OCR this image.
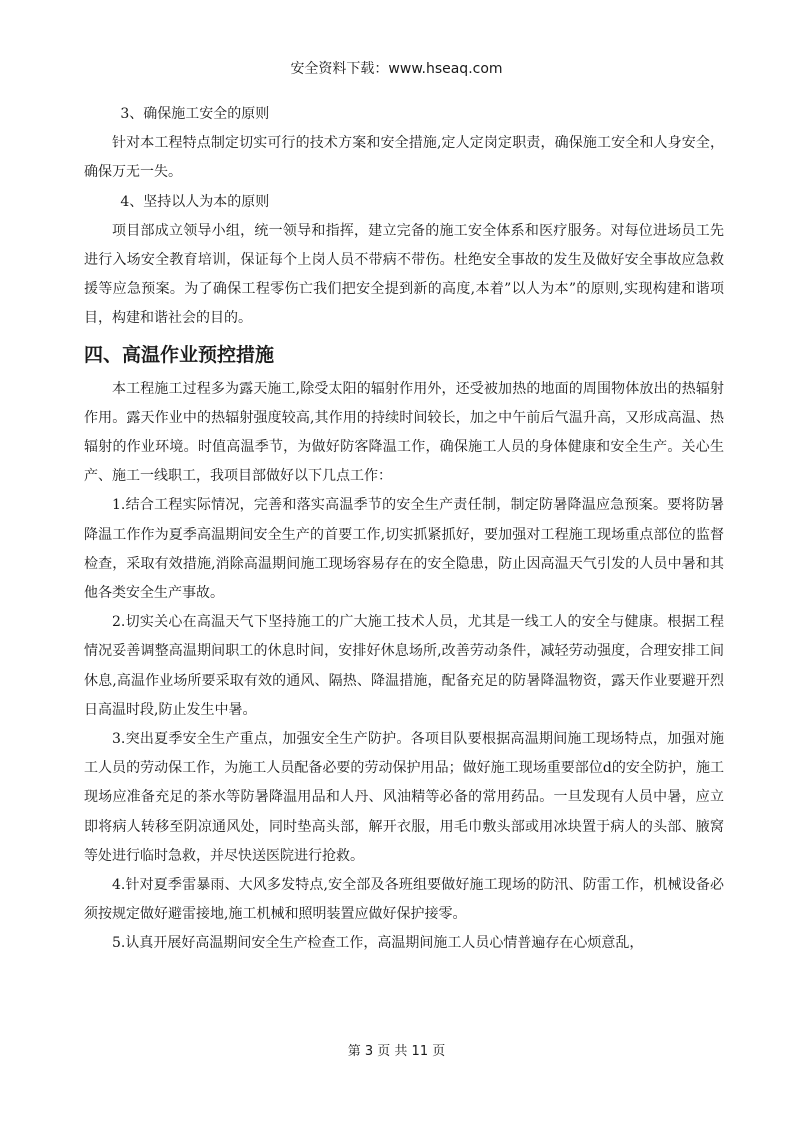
安全资料下载：www.hseaq.com

3、确保施工安全的原则

针对本工程特点制定切实可行的技术方案和安全措施,定人定岗定职责，确保施工安全和人身安全，确保万无一失。

4、坚持以人为本的原则

项目部成立领导小组，统一领导和指挥，建立完备的施工安全体系和医疗服务。对每位进场员工先进行入场安全教育培训，保证每个上岗人员不带病不带伤。杜绝安全事故的发生及做好安全事故应急救援等应急预案。为了确保工程零伤亡我们把安全提到新的高度,本着”以人为本”的原则,实现构建和谐项目，构建和谐社会的目的。

四、高温作业预控措施

本工程施工过程多为露天施工,除受太阳的辐射作用外，还受被加热的地面的周围物体放出的热辐射作用。露天作业中的热辐射强度较高,其作用的持续时间较长，加之中午前后气温升高，又形成高温、热辐射的作业环境。时值高温季节，为做好防客降温工作，确保施工人员的身体健康和安全生产。关心生产、施工一线职工，我项目部做好以下几点工作：

1.结合工程实际情况，完善和落实高温季节的安全生产责任制，制定防暑降温应急预案。要将防暑降温工作作为夏季高温期间安全生产的首要工作,切实抓紧抓好，要加强对工程施工现场重点部位的监督检查，采取有效措施,消除高温期间施工现场容易存在的安全隐患，防止因高温天气引发的人员中暑和其他各类安全生产事故。

2.切实关心在高温天气下坚持施工的广大施工技术人员，尤其是一线工人的安全与健康。根据工程情况妥善调整高温期间职工的休息时间，安排好休息场所,改善劳动条件，减轻劳动强度，合理安排工间休息,高温作业场所要采取有效的通风、隔热、降温措施，配备充足的防暑降温物资，露天作业要避开烈日高温时段,防止发生中暑。

3.突出夏季安全生产重点，加强安全生产防护。各项目队要根据高温期间施工现场特点，加强对施工人员的劳动保工作，为施工人员配备必要的劳动保护用品；做好施工现场重要部位d的安全防护，施工现场应准备充足的茶水等防暑降温用品和人丹、风油精等必备的常用药品。一旦发现有人员中暑，应立即将病人转移至阴凉通风处，同时垫高头部，解开衣服，用毛巾敷头部或用冰块置于病人的头部、腋窝等处进行临时急救，并尽快送医院进行抢救。

4.针对夏季雷暴雨、大风多发特点,安全部及各班组要做好施工现场的防汛、防雷工作，机械设备必须按规定做好避雷接地,施工机械和照明装置应做好保护接零。

5.认真开展好高温期间安全生产检查工作，高温期间施工人员心情普遍存在心烦意乱，

第 3 页 共 11 页
